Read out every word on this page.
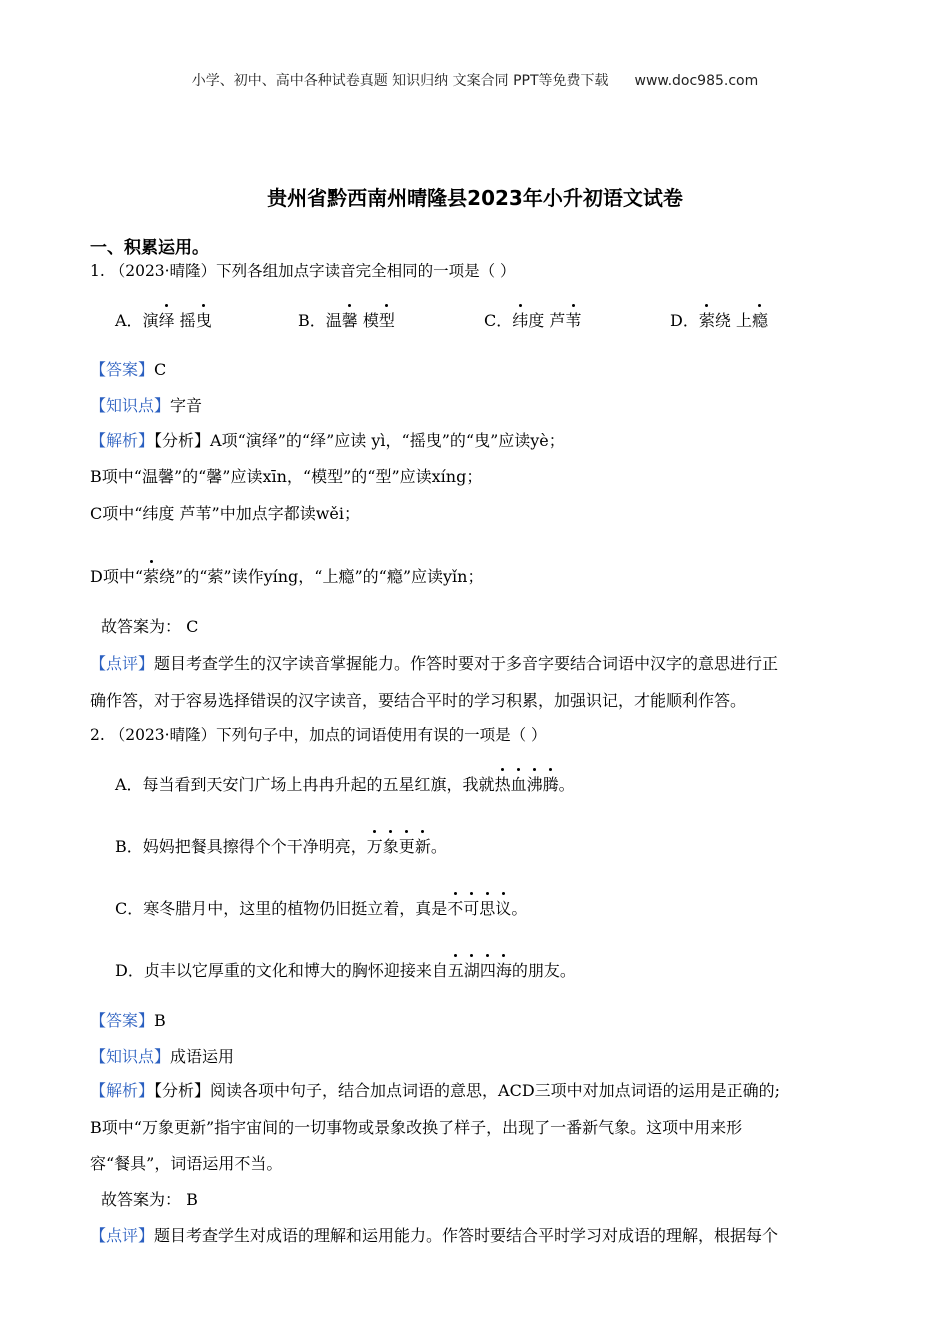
小学、初中、高中各种试卷真题 知识归纳 文案合同 PPT等免费下载 www.doc985.com
贵州省黔西南州晴隆县2023年小升初语文试卷
一、积累运用。
1. （2023·晴隆）下列各组加点字读音完全相同的一项是（ ）
A．演绎 摇曳	B．温馨 模型	C．纬度 芦苇	D．萦绕 上瘾
【答案】C
【知识点】字音
【解析】【分析】A项“演绎”的“绎”应读 yì，“摇曳”的“曳”应读yè；
B项中“温馨”的“馨”应读xīn，“模型”的“型”应读xíng；
C项中“纬度 芦苇”中加点字都读wěi；
D项中“萦绕”的“萦”读作yíng，“上瘾”的“瘾”应读yǐn；
故答案为： C
【点评】题目考查学生的汉字读音掌握能力。作答时要对于多音字要结合词语中汉字的意思进行正
确作答，对于容易选择错误的汉字读音，要结合平时的学习积累，加强识记，才能顺利作答。
2. （2023·晴隆）下列句子中，加点的词语使用有误的一项是（ ）
A．每当看到天安门广场上冉冉升起的五星红旗，我就热血沸腾。
B．妈妈把餐具擦得个个干净明亮，万象更新。
C．寒冬腊月中，这里的植物仍旧挺立着，真是不可思议。
D．贞丰以它厚重的文化和博大的胸怀迎接来自五湖四海的朋友。
【答案】B
【知识点】成语运用
【解析】【分析】阅读各项中句子，结合加点词语的意思，ACD三项中对加点词语的运用是正确的;
B项中“万象更新”指宇宙间的一切事物或景象改换了样子，出现了一番新气象。这项中用来形
容“餐具”，词语运用不当。
故答案为： B
【点评】题目考查学生对成语的理解和运用能力。作答时要结合平时学习对成语的理解，根据每个
